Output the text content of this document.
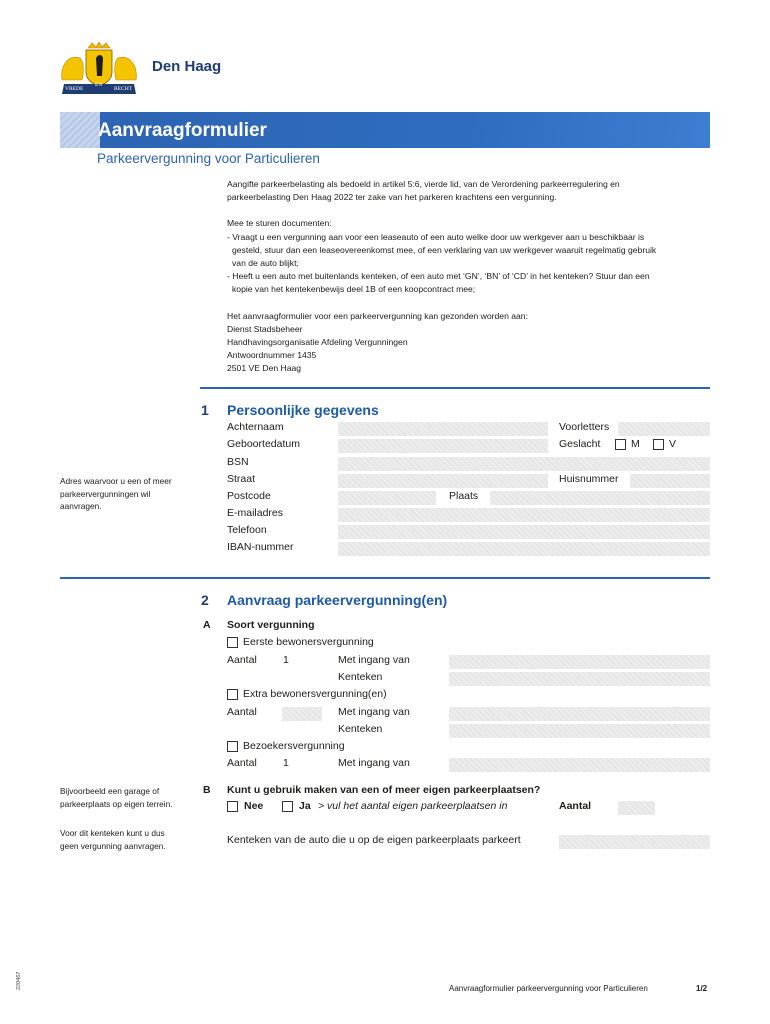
VREDE
EN
RECHT
Den Haag
Aanvraagformulier
Parkeervergunning voor Particulieren
Aangifte parkeerbelasting als bedoeld in artikel 5:6, vierde lid, van de Verordening parkeerregulering en
parkeerbelasting Den Haag 2022 ter zake van het parkeren krachtens een vergunning.
Mee te sturen documenten:
- Vraagt u een vergunning aan voor een leaseauto of een auto welke door uw werkgever aan u beschikbaar is
gesteld, stuur dan een leaseovereenkomst mee, of een verklaring van uw werkgever waaruit regelmatig gebruik
van de auto blijkt;
- Heeft u een auto met buitenlands kenteken, of een auto met ‘GN’, ‘BN’ of ‘CD’ in het kenteken? Stuur dan een
kopie van het kentekenbewijs deel 1B of een koopcontract mee;
Het aanvraagformulier voor een parkeervergunning kan gezonden worden aan:
Dienst Stadsbeheer
Handhavingsorganisatie Afdeling Vergunningen
Antwoordnummer 1435
2501 VE Den Haag
1 Persoonlijke gegevens
Adres waarvoor u een of meer
parkeervergunningen wil
aanvragen.
Achternaam	Voorletters
Geboortedatum	Geslacht	M	V
BSN
Straat	Huisnummer
Postcode	Plaats
E-mailadres
Telefoon
IBAN-nummer
2 Aanvraag parkeervergunning(en)
A Soort vergunning
Eerste bewonersvergunning
Aantal 1	Met ingang van
Kenteken
Extra bewonersvergunning(en)
Aantal	Met ingang van
Kenteken
Bezoekersvergunning
Aantal 1	Met ingang van
Bijvoorbeeld een garage of
parkeerplaats op eigen terrein.
Voor dit kenteken kunt u dus
geen vergunning aanvragen.
B Kunt u gebruik maken van een of meer eigen parkeerplaatsen?
Nee	Ja > vul het aantal eigen parkeerplaatsen in	Aantal
Kenteken van de auto die u op de eigen parkeerplaats parkeert
220467	Aanvraagformulier parkeervergunning voor Particulieren	1/2
